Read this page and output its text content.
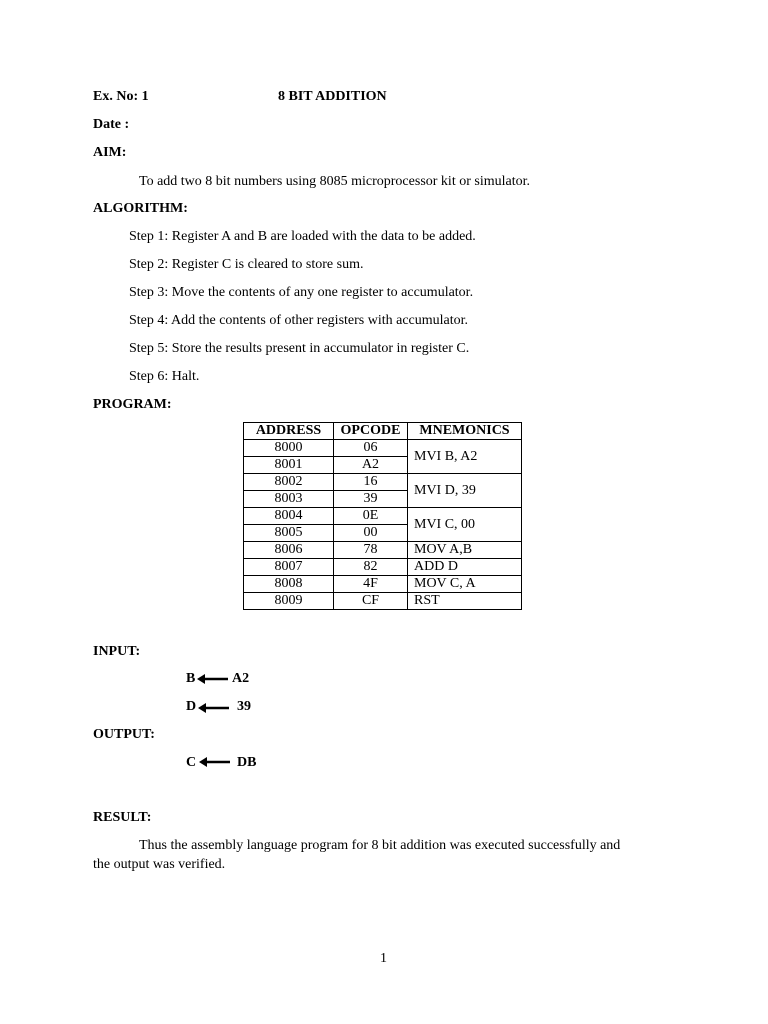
Ex. No: 1	8 BIT ADDITION
Date :
AIM:
To add two 8 bit numbers using 8085 microprocessor kit or simulator.
ALGORITHM:
Step 1: Register A and B are loaded with the data to be added.
Step 2: Register C is cleared to store sum.
Step 3: Move the contents of any one register to accumulator.
Step 4: Add the contents of other registers with accumulator.
Step 5: Store the results present in accumulator in register C.
Step 6: Halt.
PROGRAM:
ADDRESS	OPCODE	MNEMONICS
8000	06	MVI B, A2
8001	A2	
8002	16	MVI D, 39
8003	39	
8004	0E	MVI C, 00
8005	00	
8006	78	MOV A,B
8007	82	ADD D
8008	4F	MOV C, A
8009	CF	RST
INPUT:
B	A2
D	39
OUTPUT:
C	DB
RESULT:
Thus the assembly language program for 8 bit addition was executed successfully and
the output was verified.
1
